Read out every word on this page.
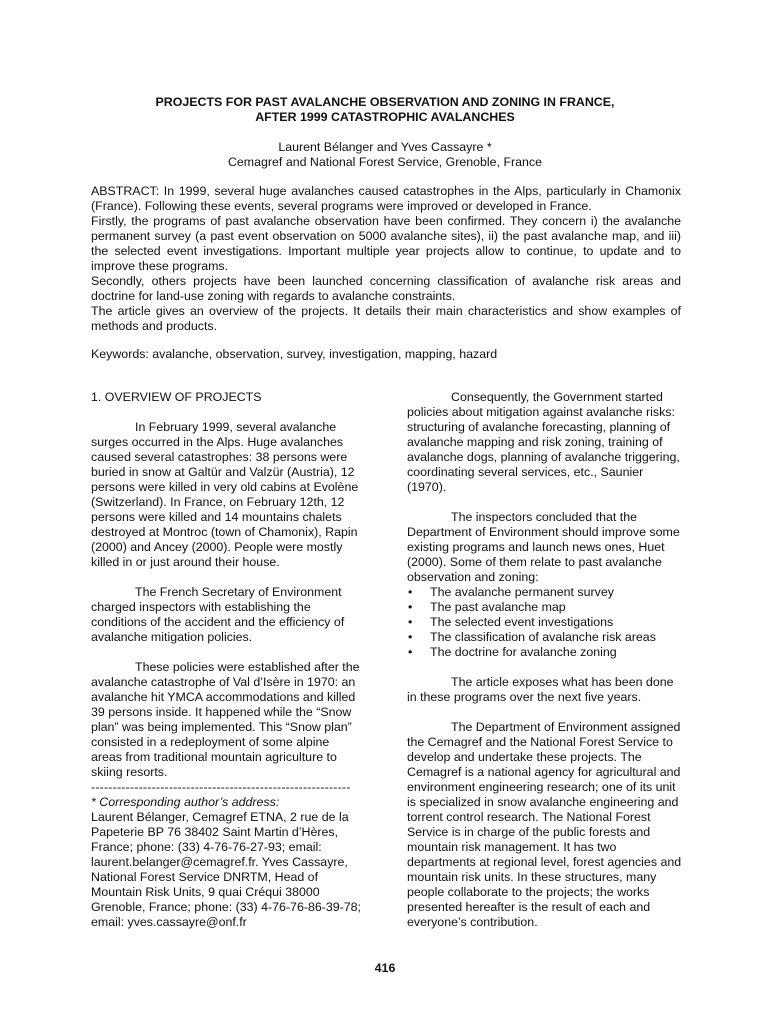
PROJECTS FOR PAST AVALANCHE OBSERVATION AND ZONING IN FRANCE,
AFTER 1999 CATASTROPHIC AVALANCHES
Laurent Bélanger and Yves Cassayre *
Cemagref and National Forest Service, Grenoble, France

ABSTRACT: In 1999, several huge avalanches caused catastrophes in the Alps, particularly in Chamonix (France). Following these events, several programs were improved or developed in France.

Firstly, the programs of past avalanche observation have been confirmed. They concern i) the avalanche permanent survey (a past event observation on 5000 avalanche sites), ii) the past avalanche map, and iii) the selected event investigations. Important multiple year projects allow to continue, to update and to improve these programs.

Secondly, others projects have been launched concerning classification of avalanche risk areas and doctrine for land-use zoning with regards to avalanche constraints.

The article gives an overview of the projects. It details their main characteristics and show examples of methods and products.

Keywords: avalanche, observation, survey, investigation, mapping, hazard

1. OVERVIEW OF PROJECTS

In February 1999, several avalanche surges occurred in the Alps. Huge avalanches caused several catastrophes: 38 persons were buried in snow at Galtür and Valzür (Austria), 12 persons were killed in very old cabins at Evolène (Switzerland). In France, on February 12th, 12 persons were killed and 14 mountains chalets destroyed at Montroc (town of Chamonix), Rapin (2000) and Ancey (2000). People were mostly killed in or just around their house.

The French Secretary of Environment charged inspectors with establishing the conditions of the accident and the efficiency of avalanche mitigation policies.

These policies were established after the avalanche catastrophe of Val d’Isère in 1970: an avalanche hit YMCA accommodations and killed 39 persons inside. It happened while the “Snow plan” was being implemented. This “Snow plan” consisted in a redeployment of some alpine areas from traditional mountain agriculture to skiing resorts.

------------------------------------------------------------

* Corresponding author’s address:

Laurent Bélanger, Cemagref ETNA, 2 rue de la Papeterie BP 76 38402 Saint Martin d’Hères, France; phone: (33) 4-76-76-27-93; email: laurent.belanger@cemagref.fr. Yves Cassayre, National Forest Service DNRTM, Head of Mountain Risk Units, 9 quai Créqui 38000 Grenoble, France; phone: (33) 4-76-76-86-39-78; email: yves.cassayre@onf.fr

Consequently, the Government started policies about mitigation against avalanche risks: structuring of avalanche forecasting, planning of avalanche mapping and risk zoning, training of avalanche dogs, planning of avalanche triggering, coordinating several services, etc., Saunier (1970).

The inspectors concluded that the Department of Environment should improve some existing programs and launch news ones, Huet (2000). Some of them relate to past avalanche observation and zoning:

• The avalanche permanent survey
• The past avalanche map
• The selected event investigations
• The classification of avalanche risk areas
• The doctrine for avalanche zoning

The article exposes what has been done in these programs over the next five years.

The Department of Environment assigned the Cemagref and the National Forest Service to develop and undertake these projects. The Cemagref is a national agency for agricultural and environment engineering research; one of its unit is specialized in snow avalanche engineering and torrent control research. The National Forest Service is in charge of the public forests and mountain risk management. It has two departments at regional level, forest agencies and mountain risk units. In these structures, many people collaborate to the projects; the works presented hereafter is the result of each and everyone’s contribution.

416
